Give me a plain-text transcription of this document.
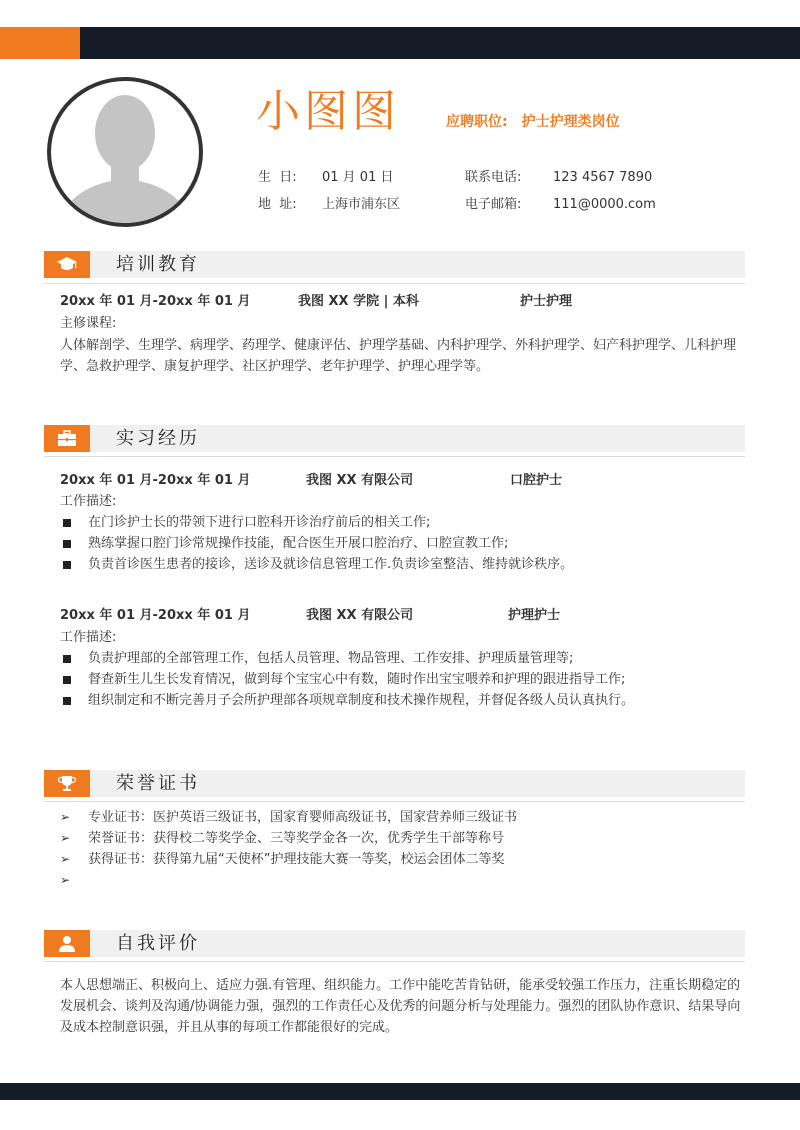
小图图	应聘职位: 护士护理类岗位
生  日: 01 月 01 日
地  址: 上海市浦东区
联系电话: 123 4567 7890
电子邮箱: 111@0000.com
培训教育
20xx 年 01 月-20xx 年 01 月	我图 XX 学院 | 本科	护士护理
主修课程:
人体解剖学、生理学、病理学、药理学、健康评估、护理学基础、内科护理学、外科护理学、妇产科护理学、儿科护理学、急救护理学、康复护理学、社区护理学、老年护理学、护理心理学等。
实习经历
20xx 年 01 月-20xx 年 01 月	我图 XX 有限公司	口腔护士
工作描述:
在门诊护士长的带领下进行口腔科开诊治疗前后的相关工作;
熟练掌握口腔门诊常规操作技能，配合医生开展口腔治疗、口腔宣教工作;
负责首诊医生患者的接诊，送诊及就诊信息管理工作.负责诊室整洁、维持就诊秩序。
20xx 年 01 月-20xx 年 01 月	我图 XX 有限公司	护理护士
工作描述:
负责护理部的全部管理工作，包括人员管理、物品管理、工作安排、护理质量管理等;
督查新生儿生长发育情况，做到每个宝宝心中有数，随时作出宝宝喂养和护理的跟进指导工作;
组织制定和不断完善月子会所护理部各项规章制度和技术操作规程，并督促各级人员认真执行。
荣誉证书
➢ 专业证书：医护英语三级证书，国家育婴师高级证书，国家营养师三级证书
➢ 荣誉证书：获得校二等奖学金、三等奖学金各一次，优秀学生干部等称号
➢ 获得证书：获得第九届“天使杯”护理技能大赛一等奖，校运会团体二等奖
➢
自我评价
本人思想端正、积极向上、适应力强.有管理、组织能力。工作中能吃苦肯钻研，能承受较强工作压力，注重长期稳定的发展机会、谈判及沟通/协调能力强，强烈的工作责任心及优秀的问题分析与处理能力。强烈的团队协作意识、结果导向及成本控制意识强，并且从事的每项工作都能很好的完成。
